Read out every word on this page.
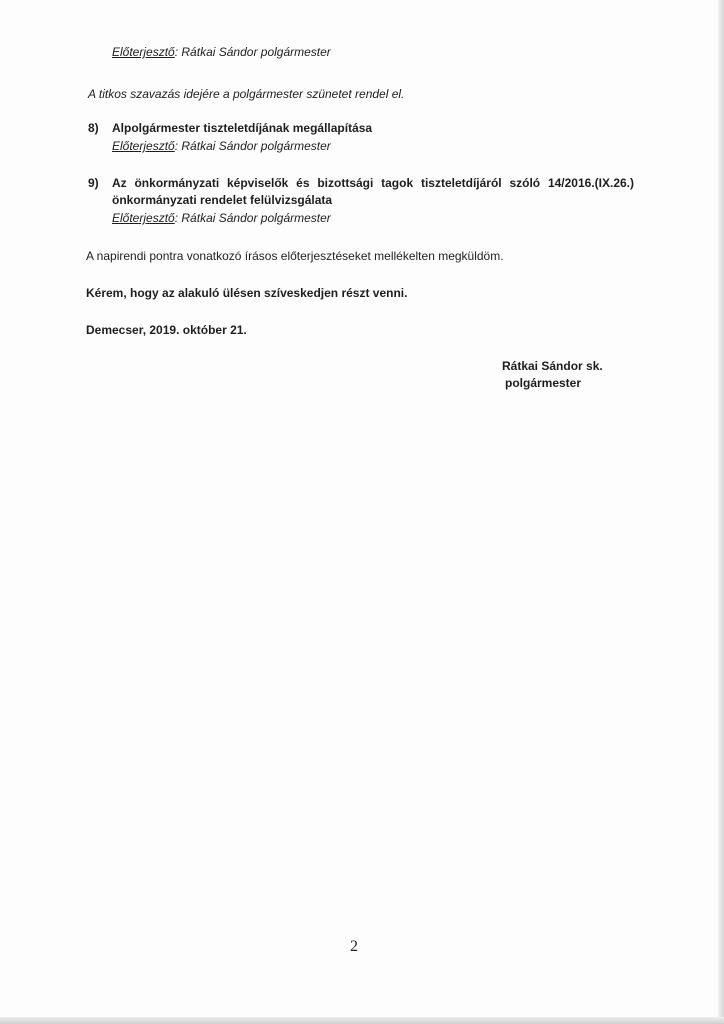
Előterjesztő: Rátkai Sándor polgármester
A titkos szavazás idejére a polgármester szünetet rendel el.
8) Alpolgármester tiszteletdíjának megállapítása
Előterjesztő: Rátkai Sándor polgármester
9) Az önkormányzati képviselők és bizottsági tagok tiszteletdíjáról szóló 14/2016.(IX.26.)
önkormányzati rendelet felülvizsgálata
Előterjesztő: Rátkai Sándor polgármester
A napirendi pontra vonatkozó írásos előterjesztéseket mellékelten megküldöm.
Kérem, hogy az alakuló ülésen szíveskedjen részt venni.
Demecser, 2019. október 21.
Rátkai Sándor sk.
polgármester
2
